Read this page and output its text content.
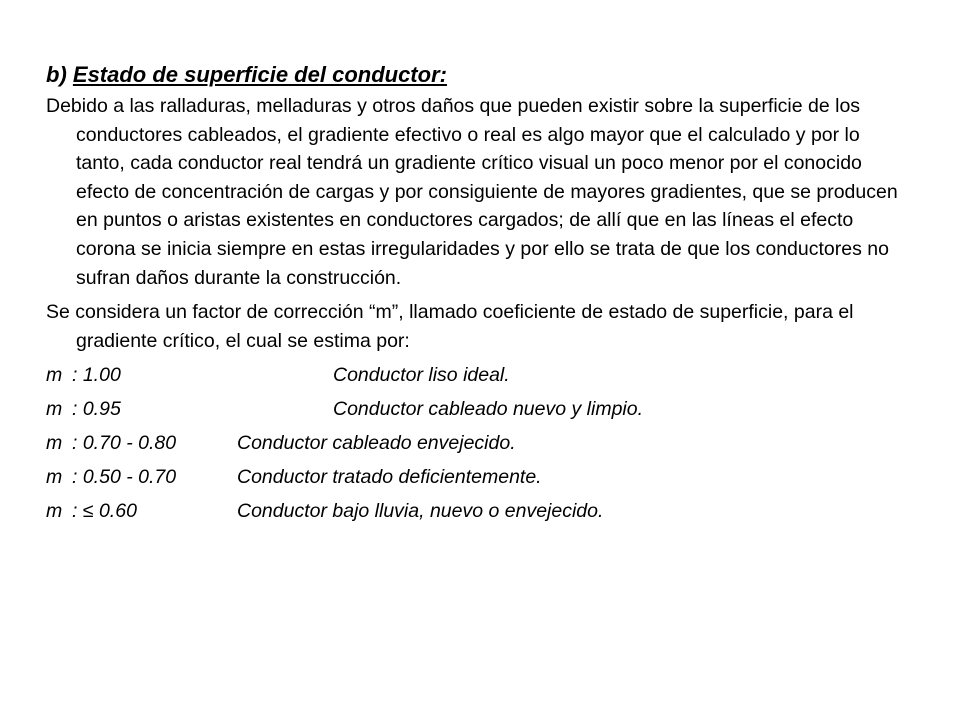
b) Estado de superficie del conductor:

Debido a las ralladuras, melladuras y otros daños que pueden existir sobre la superficie de los conductores cableados, el gradiente efectivo o real es algo mayor que el calculado y por lo tanto, cada conductor real tendrá un gradiente crítico visual un poco menor por el conocido efecto de concentración de cargas y por consiguiente de mayores gradientes, que se producen en puntos o aristas existentes en conductores cargados; de allí que en las líneas el efecto corona se inicia siempre en estas irregularidades y por ello se trata de que los conductores no sufran daños durante la construcción.

Se considera un factor de corrección “m”, llamado coeficiente de estado de superficie, para el gradiente crítico, el cual se estima por:

m : 1.00	Conductor liso ideal.
m : 0.95	Conductor cableado nuevo y limpio.
m : 0.70 - 0.80	Conductor cableado envejecido.
m : 0.50 - 0.70	Conductor tratado deficientemente.
m : ≤ 0.60	Conductor bajo lluvia, nuevo o envejecido.
